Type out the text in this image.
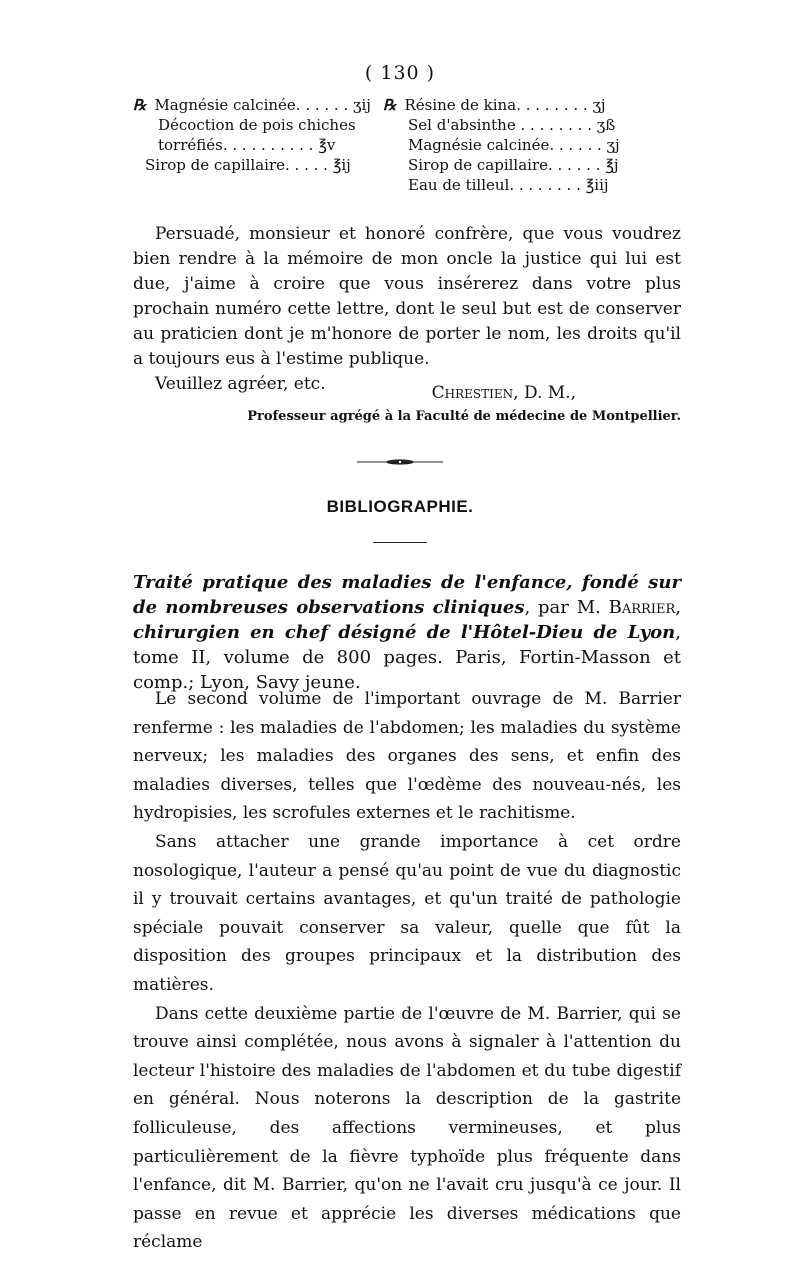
( 130 )
℞ Magnésie calcinée. . . . . . ʒij
Décoction de pois chiches
torréfiés. . . . . . . . . . ℥v
Sirop de capillaire. . . . . ℥ij
℞ Résine de kina. . . . . . . . ʒj
Sel d'absinthe . . . . . . . . ʒß
Magnésie calcinée. . . . . . ʒj
Sirop de capillaire. . . . . . ℥j
Eau de tilleul. . . . . . . . ℥iij

Persuadé, monsieur et honoré confrère, que vous voudrez bien rendre à la mémoire de mon oncle la justice qui lui est due, j'aime à croire que vous insérerez dans votre plus prochain numéro cette lettre, dont le seul but est de conserver au praticien dont je m'honore de porter le nom, les droits qu'il a toujours eus à l'estime publique.

Veuillez agréer, etc.	Chrestien, D. M.,
Professeur agrégé à la Faculté de médecine de Montpellier.
BIBLIOGRAPHIE.
Traité pratique des maladies de l'enfance, fondé sur de nombreuses observations cliniques, par M. Barrier, chirurgien en chef désigné de l'Hôtel-Dieu de Lyon, tome II, volume de 800 pages. Paris, Fortin-Masson et comp.; Lyon, Savy jeune.

Le second volume de l'important ouvrage de M. Barrier renferme : les maladies de l'abdomen; les maladies du système nerveux; les maladies des organes des sens, et enfin des maladies diverses, telles que l'œdème des nouveau-nés, les hydropisies, les scrofules externes et le rachitisme.

Sans attacher une grande importance à cet ordre nosologique, l'auteur a pensé qu'au point de vue du diagnostic il y trouvait certains avantages, et qu'un traité de pathologie spéciale pouvait conserver sa valeur, quelle que fût la disposition des groupes principaux et la distribution des matières.

Dans cette deuxième partie de l'œuvre de M. Barrier, qui se trouve ainsi complétée, nous avons à signaler à l'attention du lecteur l'histoire des maladies de l'abdomen et du tube digestif en général. Nous noterons la description de la gastrite folliculeuse, des affections vermineuses, et plus particulièrement de la fièvre typhoïde plus fréquente dans l'enfance, dit M. Barrier, qu'on ne l'avait cru jusqu'à ce jour. Il passe en revue et apprécie les diverses médications que réclame
